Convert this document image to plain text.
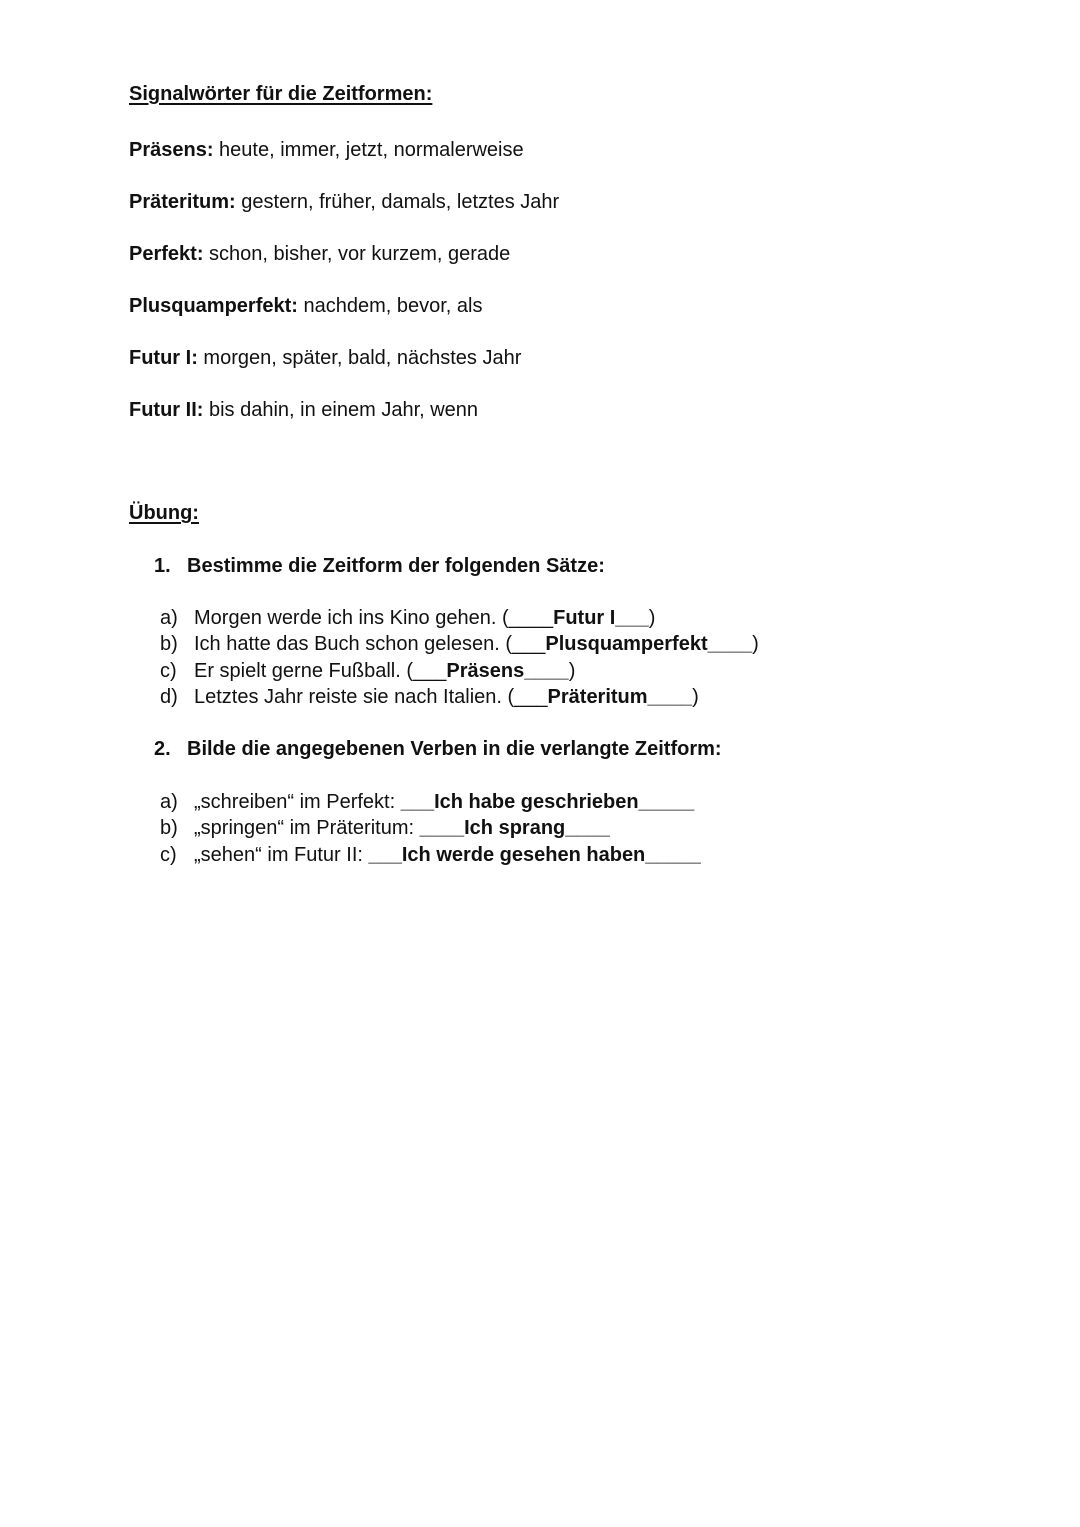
Signalwörter für die Zeitformen:
Präsens: heute, immer, jetzt, normalerweise
Präteritum: gestern, früher, damals, letztes Jahr
Perfekt: schon, bisher, vor kurzem, gerade
Plusquamperfekt: nachdem, bevor, als
Futur I: morgen, später, bald, nächstes Jahr
Futur II: bis dahin, in einem Jahr, wenn
Übung:
1. Bestimme die Zeitform der folgenden Sätze:
a) Morgen werde ich ins Kino gehen. (____Futur I___)
b) Ich hatte das Buch schon gelesen. (___Plusquamperfekt____)
c) Er spielt gerne Fußball. (___Präsens____)
d) Letztes Jahr reiste sie nach Italien. (___Präteritum____)
2. Bilde die angegebenen Verben in die verlangte Zeitform:
a) „schreiben“ im Perfekt: ___Ich habe geschrieben_____
b) „springen“ im Präteritum: ____Ich sprang____
c) „sehen“ im Futur II: ___Ich werde gesehen haben_____
